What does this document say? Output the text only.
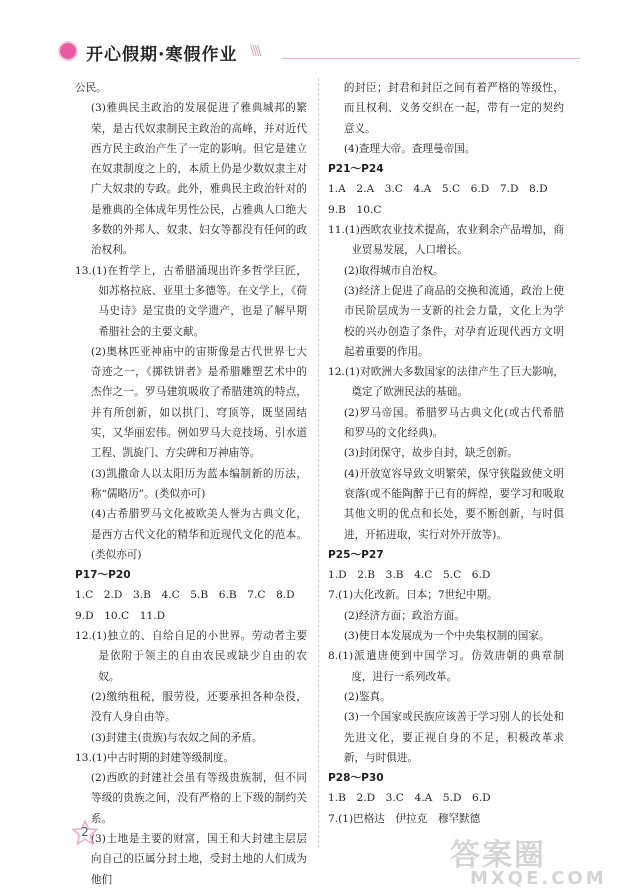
开心假期·寒假作业 \\\\

公民。

(3)雅典民主政治的发展促进了雅典城邦的繁荣，是古代奴隶制民主政治的高峰，并对近代西方民主政治产生了一定的影响。但它是建立在奴隶制度之上的，本质上仍是少数奴隶主对广大奴隶的专政。此外，雅典民主政治针对的是雅典的全体成年男性公民，占雅典人口绝大多数的外邦人、奴隶、妇女等都没有任何的政治权利。

13.(1)在哲学上，古希腊涌现出许多哲学巨匠，如苏格拉底、亚里士多德等。在文学上，《荷马史诗》是宝贵的文学遗产，也是了解早期希腊社会的主要文献。

(2)奥林匹亚神庙中的宙斯像是古代世界七大奇迹之一，《掷铁饼者》是希腊雕塑艺术中的杰作之一。罗马建筑吸收了希腊建筑的特点，并有所创新，如以拱门、穹顶等，既坚固结实，又华丽宏伟。例如罗马大竞技场、引水道工程、凯旋门、方尖碑和万神庙等。

(3)凯撒命人以太阳历为蓝本编制新的历法，称“儒略历”。(类似亦可)

(4)古希腊罗马文化被欧美人誉为古典文化，是西方古代文化的精华和近现代文化的范本。(类似亦可)

P17～P20

1.C　2.D　3.B　4.C　5.B　6.B　7.C　8.D

9.D　10.C　11.D

12.(1)独立的、自给自足的小世界。劳动者主要是依附于领主的自由农民或缺少自由的农奴。

(2)缴纳租税，服劳役，还要承担各种杂役，没有人身自由等。

(3)封建主(贵族)与农奴之间的矛盾。

13.(1)中古时期的封建等级制度。

(2)西欧的封建社会虽有等级贵族制，但不同等级的贵族之间，没有严格的上下级的制约关系。

(3)土地是主要的财富，国王和大封建主层层向自己的臣属分封土地，受封土地的人们成为他们

的封臣；封君和封臣之间有着严格的等级性，而且权利、义务交织在一起，带有一定的契约意义。

(4)查理大帝。查理曼帝国。

P21～P24

1.A　2.A　3.C　4.A　5.C　6.D　7.D　8.D

9.B　10.C

11.(1)西欧农业技术提高，农业剩余产品增加，商业贸易发展，人口增长。

(2)取得城市自治权。

(3)经济上促进了商品的交换和流通，政治上使市民阶层成为一支新的社会力量，文化上为学校的兴办创造了条件，对孕育近现代西方文明起着重要的作用。

12.(1)对欧洲大多数国家的法律产生了巨大影响，奠定了欧洲民法的基础。

(2)罗马帝国。希腊罗马古典文化(或古代希腊和罗马的文化经典)。

(3)封闭保守，故步自封，缺乏创新。

(4)开放宽容导致文明繁荣，保守狭隘致使文明衰落(或不能陶醉于已有的辉煌，要学习和吸取其他文明的优点和长处，要不断创新，与时俱进，开拓进取，实行对外开放等)。

P25～P27

1.D　2.B　3.B　4.C　5.C　6.D

7.(1)大化改新。日本；7世纪中期。

(2)经济方面；政治方面。

(3)使日本发展成为一个中央集权制的国家。

8.(1)派遣唐使到中国学习。仿效唐朝的典章制度，进行一系列改革。

(2)鉴真。

(3)一个国家或民族应该善于学习别人的长处和先进文化，要正视自身的不足，积极改革求新，与时俱进。

P28～P30

1.B　2.D　3.C　4.A　5.D　6.D

7.(1)巴格达　伊拉克　穆罕默德

2
答案圈
MXQE.COM
